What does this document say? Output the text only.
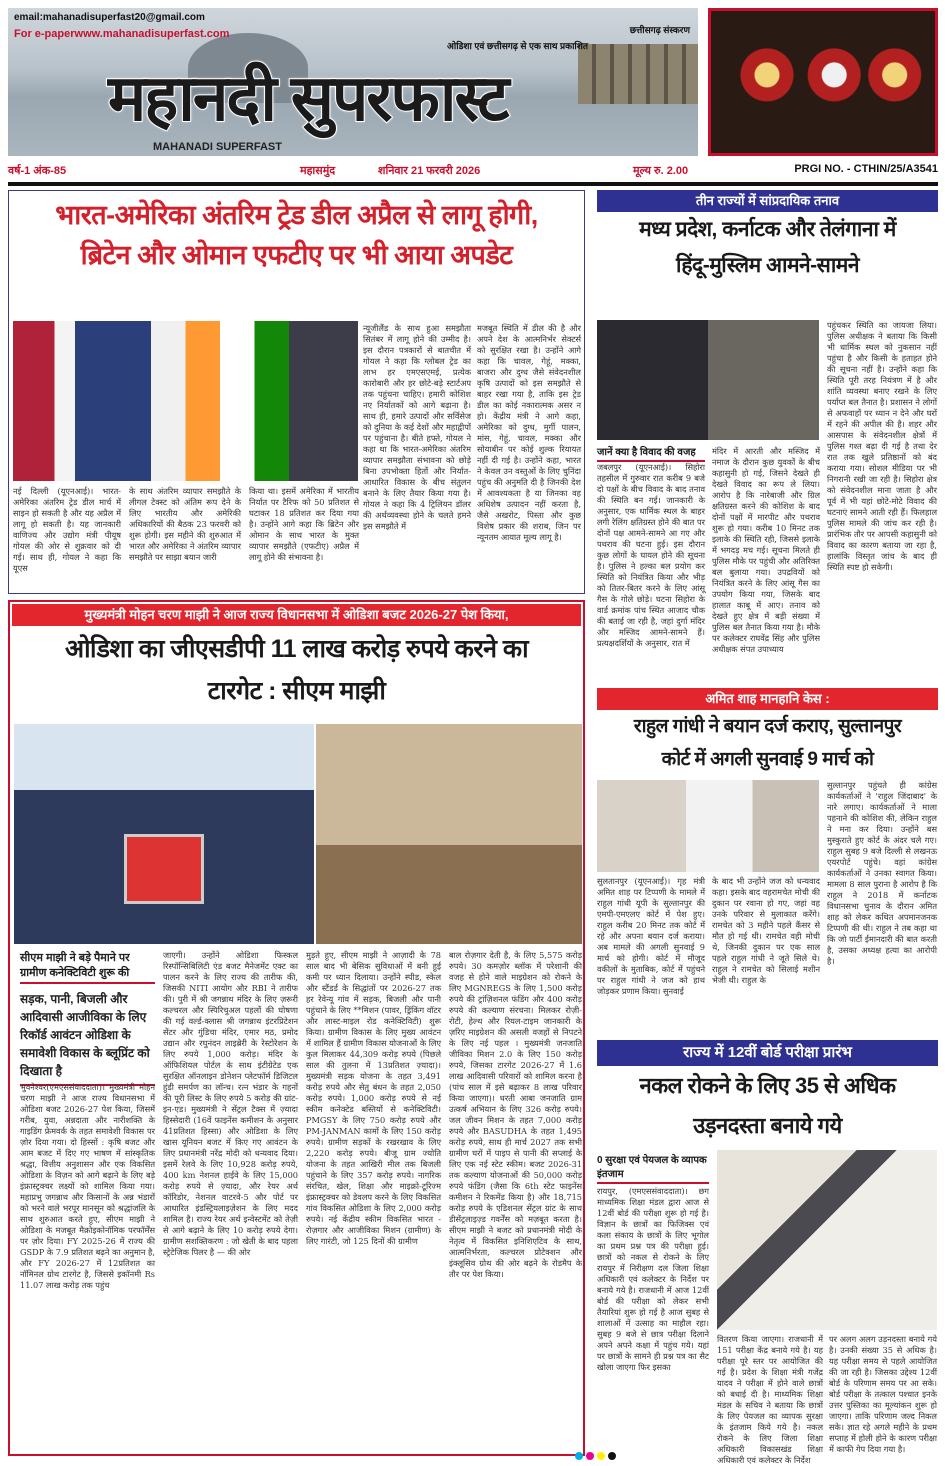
email:mahanadisuperfast20@gmail.com
For e-paperwww.mahanadisuperfast.com	छत्तीसगढ़ संस्करण
ओडिशा एवं छत्तीसगढ़ से एक साथ प्रकाशित
महानदी सुपरफास्ट
MAHANADI SUPERFAST
वर्ष-1 अंक-85	महासमुंद	शनिवार 21 फरवरी 2026	मूल्य रु. 2.00	PRGI NO. - CTHIN/25/A3541
भारत-अमेरिका अंतरिम ट्रेड डील अप्रैल से लागू होगी,
ब्रिटेन और ओमान एफटीए पर भी आया अपडेट
नई दिल्ली (यूएनआई)। भारत-अमेरिका अंतरिम ट्रेड डील मार्च में साइन हो सकती है और यह अप्रैल में लागू हो सकती है। यह जानकारी वाणिज्य और उद्योग मंत्री पीयूष गोयल की ओर से शुक्रवार को दी गई। साथ ही, गोयल ने कहा कि यूएस
के साथ अंतरिम व्यापार समझौते के लीगल टेक्स्ट को अंतिम रूप देने के लिए भारतीय और अमेरिकी अधिकारियों की बैठक 23 फरवरी को शुरू होगी। इस महीने की शुरुआत में भारत और अमेरिका ने अंतरिम व्यापार समझौते पर साझा बयान जारी
किया था। इसमें अमेरिका में भारतीय निर्यात पर टैरिफ को 50 प्रतिशत से घटाकर 18 प्रतिशत कर दिया गया है। उन्होंने आगे कहा कि ब्रिटेन और ओमान के साथ भारत के मुक्त व्यापार समझौते (एफटीए) अप्रैल में लागू होने की संभावना है।
न्यूजीलैंड के साथ हुआ समझौता सितंबर में लागू होने की उम्मीद है। इस दौरान पत्रकारों से बातचीत में गोयल ने कहा कि ग्लोबल ट्रेड का लाभ हर एमएसएमई, प्रत्येक कारोबारी और हर छोटे-बड़े स्टार्टअप तक पहुंचना चाहिए। हमारी कोशिश नए निर्यातकों को आगे बढ़ाना है। साथ ही, हमारे उत्पादों और सर्विसेज को दुनिया के कई देशों और महाद्वीपों पर पहुंचाना है। बीते हफ्ते, गोयल ने कहा था कि भारत-अमेरिका अंतरिम व्यापार समझौता संभावना को छोड़े बिना उपभोक्ता हितों और निर्यात-आधारित विकास के बीच संतुलन बनाने के लिए तैयार किया गया है। गोयल ने कहा कि 4 ट्रिलियन डॉलर की अर्थव्यवस्था होने के चलते हमने इस समझौते में
मजबूत स्थिति में डील की है और अपने देश के आत्मनिर्भर सेक्टर्स को सुरक्षित रखा है। उन्होंने आगे कहा कि चावल, गेहूं, मक्का, बाजरा और दुग्ध जैसे संवेदनशील कृषि उत्पादों को इस समझौते से बाहर रखा गया है, ताकि इस ट्रेड डील का कोई नकारात्मक असर न हो। केंद्रीय मंत्री ने आगे कहा, अमेरिका को दुग्ध, मुर्गी पालन, मांस, गेहूं, चावल, मक्का और सोयाबीन पर कोई शुल्क रियायत नहीं दी गई है। उन्होंने कहा, भारत ने केवल उन वस्तुओं के लिए चुनिंदा पहुंच की अनुमति दी है जिनकी देश में आवश्यकता है या जिनका वह अधिशेष उत्पादन नहीं करता है, जैसे अखरोट, पिस्ता और कुछ विशेष प्रकार की शराब, जिन पर न्यूनतम आयात मूल्य लागू है।
तीन राज्यों में सांप्रदायिक तनाव
मध्य प्रदेश, कर्नाटक और तेलंगाना में
हिंदू-मुस्लिम आमने-सामने
जानें क्या है विवाद की वजह
जबलपुर (यूएनआई)। सिहोरा तहसील में गुरुवार रात करीब 9 बजे दो पक्षों के बीच विवाद के बाद तनाव की स्थिति बन गई। जानकारी के अनुसार, एक धार्मिक स्थल के बाहर लगी रेलिंग क्षतिग्रस्त होने की बात पर दोनों पक्ष आमने-सामने आ गए और पथराव की घटना हुई। इस दौरान कुछ लोगों के घायल होने की सूचना है। पुलिस ने हल्का बल प्रयोग कर स्थिति को नियंत्रित किया और भीड़ को तितर-बितर करने के लिए आंसू गैस के गोले छोड़े। घटना सिहोरा के वार्ड क्रमांक पांच स्थित आजाद चौक की बताई जा रही है, जहां दुर्गा मंदिर और मस्जिद आमने-सामने हैं। प्रत्यक्षदर्शियों के अनुसार, रात में
मंदिर में आरती और मस्जिद में नमाज के दौरान कुछ युवकों के बीच कहासुनी हो गई, जिसने देखते ही देखते विवाद का रूप ले लिया। आरोप है कि नारेबाजी और ग्रिल क्षतिग्रस्त करने की कोशिश के बाद दोनों पक्षों में मारपीट और पथराव शुरू हो गया। करीब 10 मिनट तक इलाके की स्थिति रही, जिससे इलाके में भगदड़ मच गई। सूचना मिलते ही पुलिस मौके पर पहुंची और अतिरिक्त बल बुलाया गया। उपद्रवियों को नियंत्रित करने के लिए आंसू गैस का उपयोग किया गया, जिसके बाद हालात काबू में आए। तनाव को देखते हुए क्षेत्र में बड़ी संख्या में पुलिस बल तैनात किया गया है। मौके पर कलेक्टर राघवेंद्र सिंह और पुलिस अधीक्षक संपत उपाध्याय
पहुंचकर स्थिति का जायजा लिया। पुलिस अधीक्षक ने बताया कि किसी भी धार्मिक स्थल को नुकसान नहीं पहुंचा है और किसी के हताहत होने की सूचना नहीं है। उन्होंने कहा कि स्थिति पूरी तरह नियंत्रण में है और शांति व्यवस्था बनाए रखने के लिए पर्याप्त बल तैनात है। प्रशासन ने लोगों से अफवाहों पर ध्यान न देने और घरों में रहने की अपील की है। शहर और आसपास के संवेदनशील क्षेत्रों में पुलिस गश्त बढ़ा दी गई है तथा देर रात तक खुले प्रतिष्ठानों को बंद कराया गया। सोशल मीडिया पर भी निगरानी रखी जा रही है। सिहोरा क्षेत्र को संवेदनशील माना जाता है और पूर्व में भी यहां छोटे-मोटे विवाद की घटनाएं सामने आती रही हैं। फिलहाल पुलिस मामले की जांच कर रही है। प्रारंभिक तौर पर आपसी कहासुनी को विवाद का कारण बताया जा रहा है, हालांकि विस्तृत जांच के बाद ही स्थिति स्पष्ट हो सकेगी।
मुख्यमंत्री मोहन चरण माझी ने आज राज्य विधानसभा में ओडिशा बजट 2026-27 पेश किया,
ओडिशा का जीएसडीपी 11 लाख करोड़ रुपये करने का
टारगेट : सीएम माझी
सीएम माझी ने बड़े पैमाने पर
ग्रामीण कनेक्टिविटी शुरू की
सड़क, पानी, बिजली और आदिवासी आजीविका के लिए रिकॉर्ड आवंटन ओडिशा के समावेशी विकास के ब्लूप्रिंट को दिखाता है
भुवनेश्वर(एमएससंवाददाता)। मुख्यमंत्री मोहन चरण माझी ने आज राज्य विधानसभा में ओडिशा बजट 2026-27 पेश किया, जिसमें गरीब, युवा, अन्नदाता और नारीशक्ति के गाइडिंग फ्रेमवर्क के तहत समावेशी विकास पर ज़ोर दिया गया। दो हिस्सों : कृषि बजट और आम बजट में दिए गए भाषण में सांस्कृतिक श्रद्धा, वित्तीय अनुशासन और एक विकसित ओडिशा के विज़न को आगे बढ़ाने के लिए बड़े इंफ्रास्ट्रक्चर लक्ष्यों को शामिल किया गया। महाप्रभु जगन्नाथ और किसानों के अन्न भंडारों को भरने वाले भरपूर मानसून को श्रद्धांजलि के साथ शुरुआत करते हुए, सीएम माझी ने ओडिशा के मजबूत मैक्रोइकोनॉमिक परफॉर्मेंस पर ज़ोर दिया। FY 2025-26 में राज्य की GSDP के 7.9 प्रतिशत बढ़ने का अनुमान है, और FY 2026-27 में 12प्रतिशत का नॉमिनल ग्रोथ टारगेट है, जिससे इकॉनमी Rs 11.07 लाख करोड़ तक पहुंच
जाएगी। उन्होंने ओडिशा फिस्कल रिस्पॉन्सिबिलिटी एंड बजट मैनेजमेंट एक्ट का पालन करने के लिए राज्य की तारीफ की, जिसकी NITI आयोग और RBI ने तारीफ की। पुरी में श्री जगन्नाथ मंदिर के लिए ज़रूरी कल्चरल और स्पिरिचुअल पहलों की घोषणा की गई वर्ल्ड-क्लास श्री जगन्नाथ इंटरप्रिटेशन सेंटर और गुंडिचा मंदिर, एमार मठ, प्रमोद उद्यान और रघुनंदन लाइब्रेरी के रेस्टोरेशन के लिए रुपये 1,000 करोड़। मंदिर के ऑफिशियल पोर्टल के साथ इंटीग्रेटेड एक सुरक्षित ऑनलाइन डोनेशन प्लेटफॉर्म डिजिटल हुंडी समर्पण का लॉन्च। रत्न भंडार के गहनों की पूरी लिस्ट के लिए रुपये 5 करोड़ की ग्रांट-इन-एड। मुख्यमंत्री ने सेंट्रल टैक्स में ज़्यादा हिस्सेदारी (16वें फाइनेंस कमीशन के अनुसार 41प्रतिशत हिस्सा) और ओडिशा के लिए खास यूनियन बजट में किए गए आवंटन के लिए प्रधानमंत्री नरेंद्र मोदी को धन्यवाद दिया। इसमें रेलवे के लिए 10,928 करोड़ रुपये, 400 km नेशनल हाईवे के लिए 15,000 करोड़ रुपये से ज़्यादा, और रेयर अर्थ कॉरिडोर, नेशनल वाटरवे-5 और पोर्ट पर आधारित इंडस्ट्रियलाइज़ेशन के लिए मदद शामिल है। राज्य रेयर अर्थ इन्वेस्टमेंट को तेज़ी से आगे बढ़ाने के लिए 10 करोड़ रुपये देगा। ग्रामीण सशक्तिकरण : जो खेती के बाद पहला स्ट्रेटेजिक पिलर है — की ओर
मुड़ते हुए, सीएम माझी ने आज़ादी के 78 साल बाद भी बेसिक सुविधाओं में बनी हुई कमी पर ध्यान दिलाया। उन्होंने स्पीड, स्केल और स्टैंडर्ड के सिद्धांतों पर 2026-27 तक हर रेवेन्यू गांव में सड़क, बिजली और पानी पहुंचाने के लिए **मिशन (पावर, ड्रिंकिंग वॉटर और लास्ट-माइल रोड कनेक्टिविटी) शुरू किया। ग्रामीण विकास के लिए मुख्य आवंटन में शामिल हैं ग्रामीण विकास योजनाओं के लिए कुल मिलाकर 44,309 करोड़ रुपये (पिछले साल की तुलना में 13प्रतिशत ज़्यादा)। मुख्यमंत्री सड़क योजना के तहत 3,491 करोड़ रुपये और सेतु बंधन के तहत 2,050 करोड़ रुपये। 1,000 करोड़ रुपये से नई स्कीम कनेक्टेड बस्तियों से कनेक्टिविटी। PMGSY के लिए 750 करोड़ रुपये और PM-JANMAN कामों के लिए 150 करोड़ रुपये। ग्रामीण सड़कों के रखरखाव के लिए 2,220 करोड़ रुपये। बीजू ग्राम ज्योति योजना के तहत आखिरी मील तक बिजली पहुंचाने के लिए 357 करोड़ रुपये। नागरिक संरचित, खेल, शिक्षा और माइक्रो-टूरिज्म इंफ्रास्ट्रक्चर को डेवलप करने के लिए विकसित गांव विकसित ओडिशा के लिए 2,000 करोड़ रुपये। नई केंद्रीय स्कीम विकसित भारत - रोज़गार और आजीविका मिशन (ग्रामीण) के लिए गारंटी, जो 125 दिनों की ग्रामीण
बाल रोज़गार देती है, के लिए 5,575 करोड़ रुपये। 30 कमज़ोर ब्लॉक में परेशानी की वजह से होने वाले माइग्रेशन को रोकने के लिए MGNREGS के लिए 1,500 करोड़ रुपये की ट्रांज़िशनल फंडिंग और 400 करोड़ रुपये की कल्याण संरचना। मिलकर रोज़ी-रोटी, हेल्थ और रियल-टाइम जानकारी के ज़रिए माइग्रेशन की असली वजहों से निपटने के लिए नई पहल । मुख्यमंत्री जनजाति जीविका मिशन 2.0 के लिए 150 करोड़ रुपये, जिसका टारगेट 2026-27 में 1.6 लाख आदिवासी परिवारों को शामिल करना है (पांच साल में इसे बढ़ाकर 8 लाख परिवार किया जाएगा)। धरती आबा जनजाति ग्राम उत्कर्ष अभियान के लिए 326 करोड़ रुपये। जल जीवन मिशन के तहत 7,000 करोड़ रुपये और BASUDHA के तहत 1,495 करोड़ रुपये, साथ ही मार्च 2027 तक सभी ग्रामीण घरों में पाइप से पानी की सप्लाई के लिए एक नई स्टेट स्कीम। बजट 2026-31 तक कल्याण योजनाओं की 50,000 करोड़ रुपये फंडिंग (जैसा कि 6th स्टेट फाइनेंस कमीशन ने रिकमेंड किया है) और 18,715 करोड़ रुपये के एडिशनल सेंट्रल ग्रांट के साथ डीसेंट्रलाइज़्ड गवर्नेंस को मज़बूत करता है। सीएम माझी ने बजट को प्रधानमंत्री मोदी के नेतृत्व में विकसित इनिशिएटिव के साथ, आत्मनिर्भरता, कल्चरल प्रोटेक्शन और इंक्लूसिव ग्रोथ की ओर बढ़ने के रोडमैप के तौर पर पेश किया।
अमित शाह मानहानि केस :
राहुल गांधी ने बयान दर्ज कराए, सुल्तानपुर
कोर्ट में अगली सुनवाई 9 मार्च को
सुल्तानपुर पहुंचते ही कांग्रेस कार्यकर्ताओं ने 'राहुल जिंदाबाद' के नारे लगाए। कार्यकर्ताओं ने माला पहनाने की कोशिश की, लेकिन राहुल ने मना कर दिया। उन्होंने बस मुस्कुराते हुए कोर्ट के अंदर चले गए। राहुल सुबह 9 बजे दिल्ली से लखनऊ एयरपोर्ट पहुंचे। वहां कांग्रेस कार्यकर्ताओं ने उनका स्वागत किया। मामला 8 साल पुराना है आरोप है कि राहुल ने 2018 में कर्नाटक विधानसभा चुनाव के दौरान अमित शाह को लेकर कथित अपमानजनक टिप्पणी की थी। राहुल ने तब कहा था कि जो पार्टी ईमानदारी की बात करती है, उसका अध्यक्ष हत्या का आरोपी है।
सुलतानपुर (यूएनआई)। गृह मंत्री अमित शाह पर टिप्पणी के मामले में राहुल गांधी यूपी के सुल्तानपुर की एमपी-एमएलए कोर्ट में पेश हुए। राहुल करीब 20 मिनट तक कोर्ट में रहे और अपना बयान दर्ज कराया। अब मामले की अगली सुनवाई 9 मार्च को होगी। कोर्ट में मौजूद वकीलों के मुताबिक, कोर्ट में पहुंचने पर राहुल गांधी ने जज को हाथ जोड़कर प्रणाम किया। सुनवाई
के बाद भी उन्होंने जज को धन्यवाद कहा। इसके बाद वहरामचेत मोची की दुकान पर रवाना हो गए, जहां वह उनके परिवार से मुलाकात करेंगे। रामचेत को 3 महीने पहले कैंसर से मौत हो गई थी। रामचेत वही मोची थे, जिनकी दुकान पर एक साल पहले राहुल गांधी ने जूते सिले थे। राहुल ने रामचेत को सिलाई मशीन भेजी थी। राहुल के
राज्य में 12वीं बोर्ड परीक्षा प्रारंभ
नकल रोकने के लिए 35 से अधिक
उड़नदस्ता बनाये गये
0 सुरक्षा एवं पेयजल के व्यापक इंतजाम
रायपुर, (एमएससंवाददाता)। छग माध्यमिक शिक्षा मंडल द्वारा आज से 12वीं बोर्ड की परीक्षा शुरू हो गई है। विज्ञान के छात्रों का फिजिक्स एवं कला संकाय के छात्रों के लिए भूगोल का प्रथम प्रश्न पत्र की परीक्षा हुई। छात्रों को नकल से रोकने के लिए रायपुर में निरीक्षण दल जिला शिक्षा अधिकारी एवं कलेक्टर के निर्देश पर बनाये गये है। राजधानी में आज 12वीं बोर्ड की परीक्षा को लेकर सभी तैयारियां शुरू हो गई है आज सुबह से शालाओं में उत्साह का माहौल रहा। सुबह 9 बजे से छात्र परीक्षा दिलाने अपने अपने कक्षा में पहुंच गये। यहां पर छात्रों के सामने ही प्रश्न पत्र का सैट खोला जाएगा फिर इसका
वितरण किया जाएगा। राजधानी में 151 परीक्षा केंद्र बनाये गये है। यह परीक्षा पूरे स्तर पर आयोजित की गई है। प्रदेश के शिक्षा मंत्री गजेंद्र यादव ने परीक्षा में होने वाले छात्रों को बधाई दी है। माध्यमिक शिक्षा मंडल के सचिव ने बताया कि छात्रों के लिए पेयजल का व्यापक सुरक्षा के इंतजाम किये गये है। नकल रोकने के लिए जिला शिक्षा अधिकारी विकासखंड शिक्षा अधिकारी एवं कलेक्टर के निर्देश
पर अलग अलग उड़नदस्ता बनाये गये है। उनकी संख्या 35 से अधिक है। यह परीक्षा समय से पहले आयोजित की जा रही है। जिसका उद्देश्य 12वीं बोर्ड के परिणाम समय पर आ सके। बोर्ड परीक्षा के तत्काल पश्चात इनके उत्तर पुस्तिका का मूल्यांकन शुरू हो जाएगा। ताकि परिणाम जल्द निकल सके। ज्ञात रहे अगले महीने के प्रथम सप्ताह में होली होने के कारण परीक्षा में काफी गेप दिया गया है।
